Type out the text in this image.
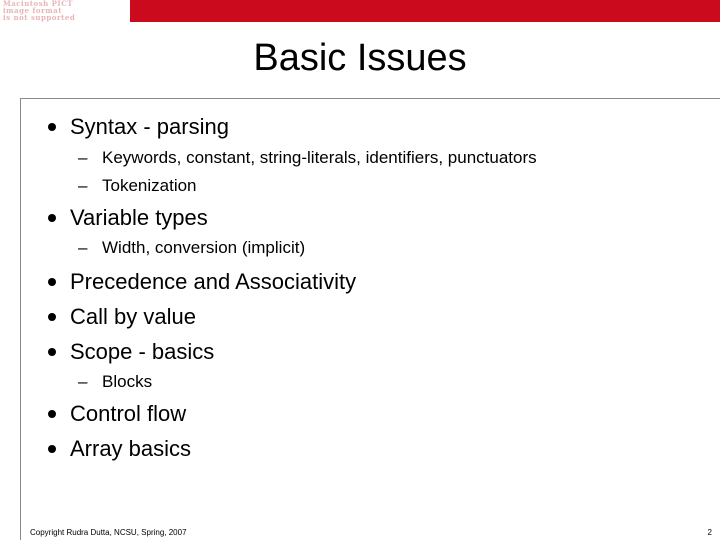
Macintosh PICT
image format
is not supported
Basic Issues
Syntax - parsing
– Keywords, constant, string-literals, identifiers, punctuators
– Tokenization
Variable types
– Width, conversion (implicit)
Precedence and Associativity
Call by value
Scope - basics
– Blocks
Control flow
Array basics
Copyright Rudra Dutta, NCSU, Spring, 2007	2
